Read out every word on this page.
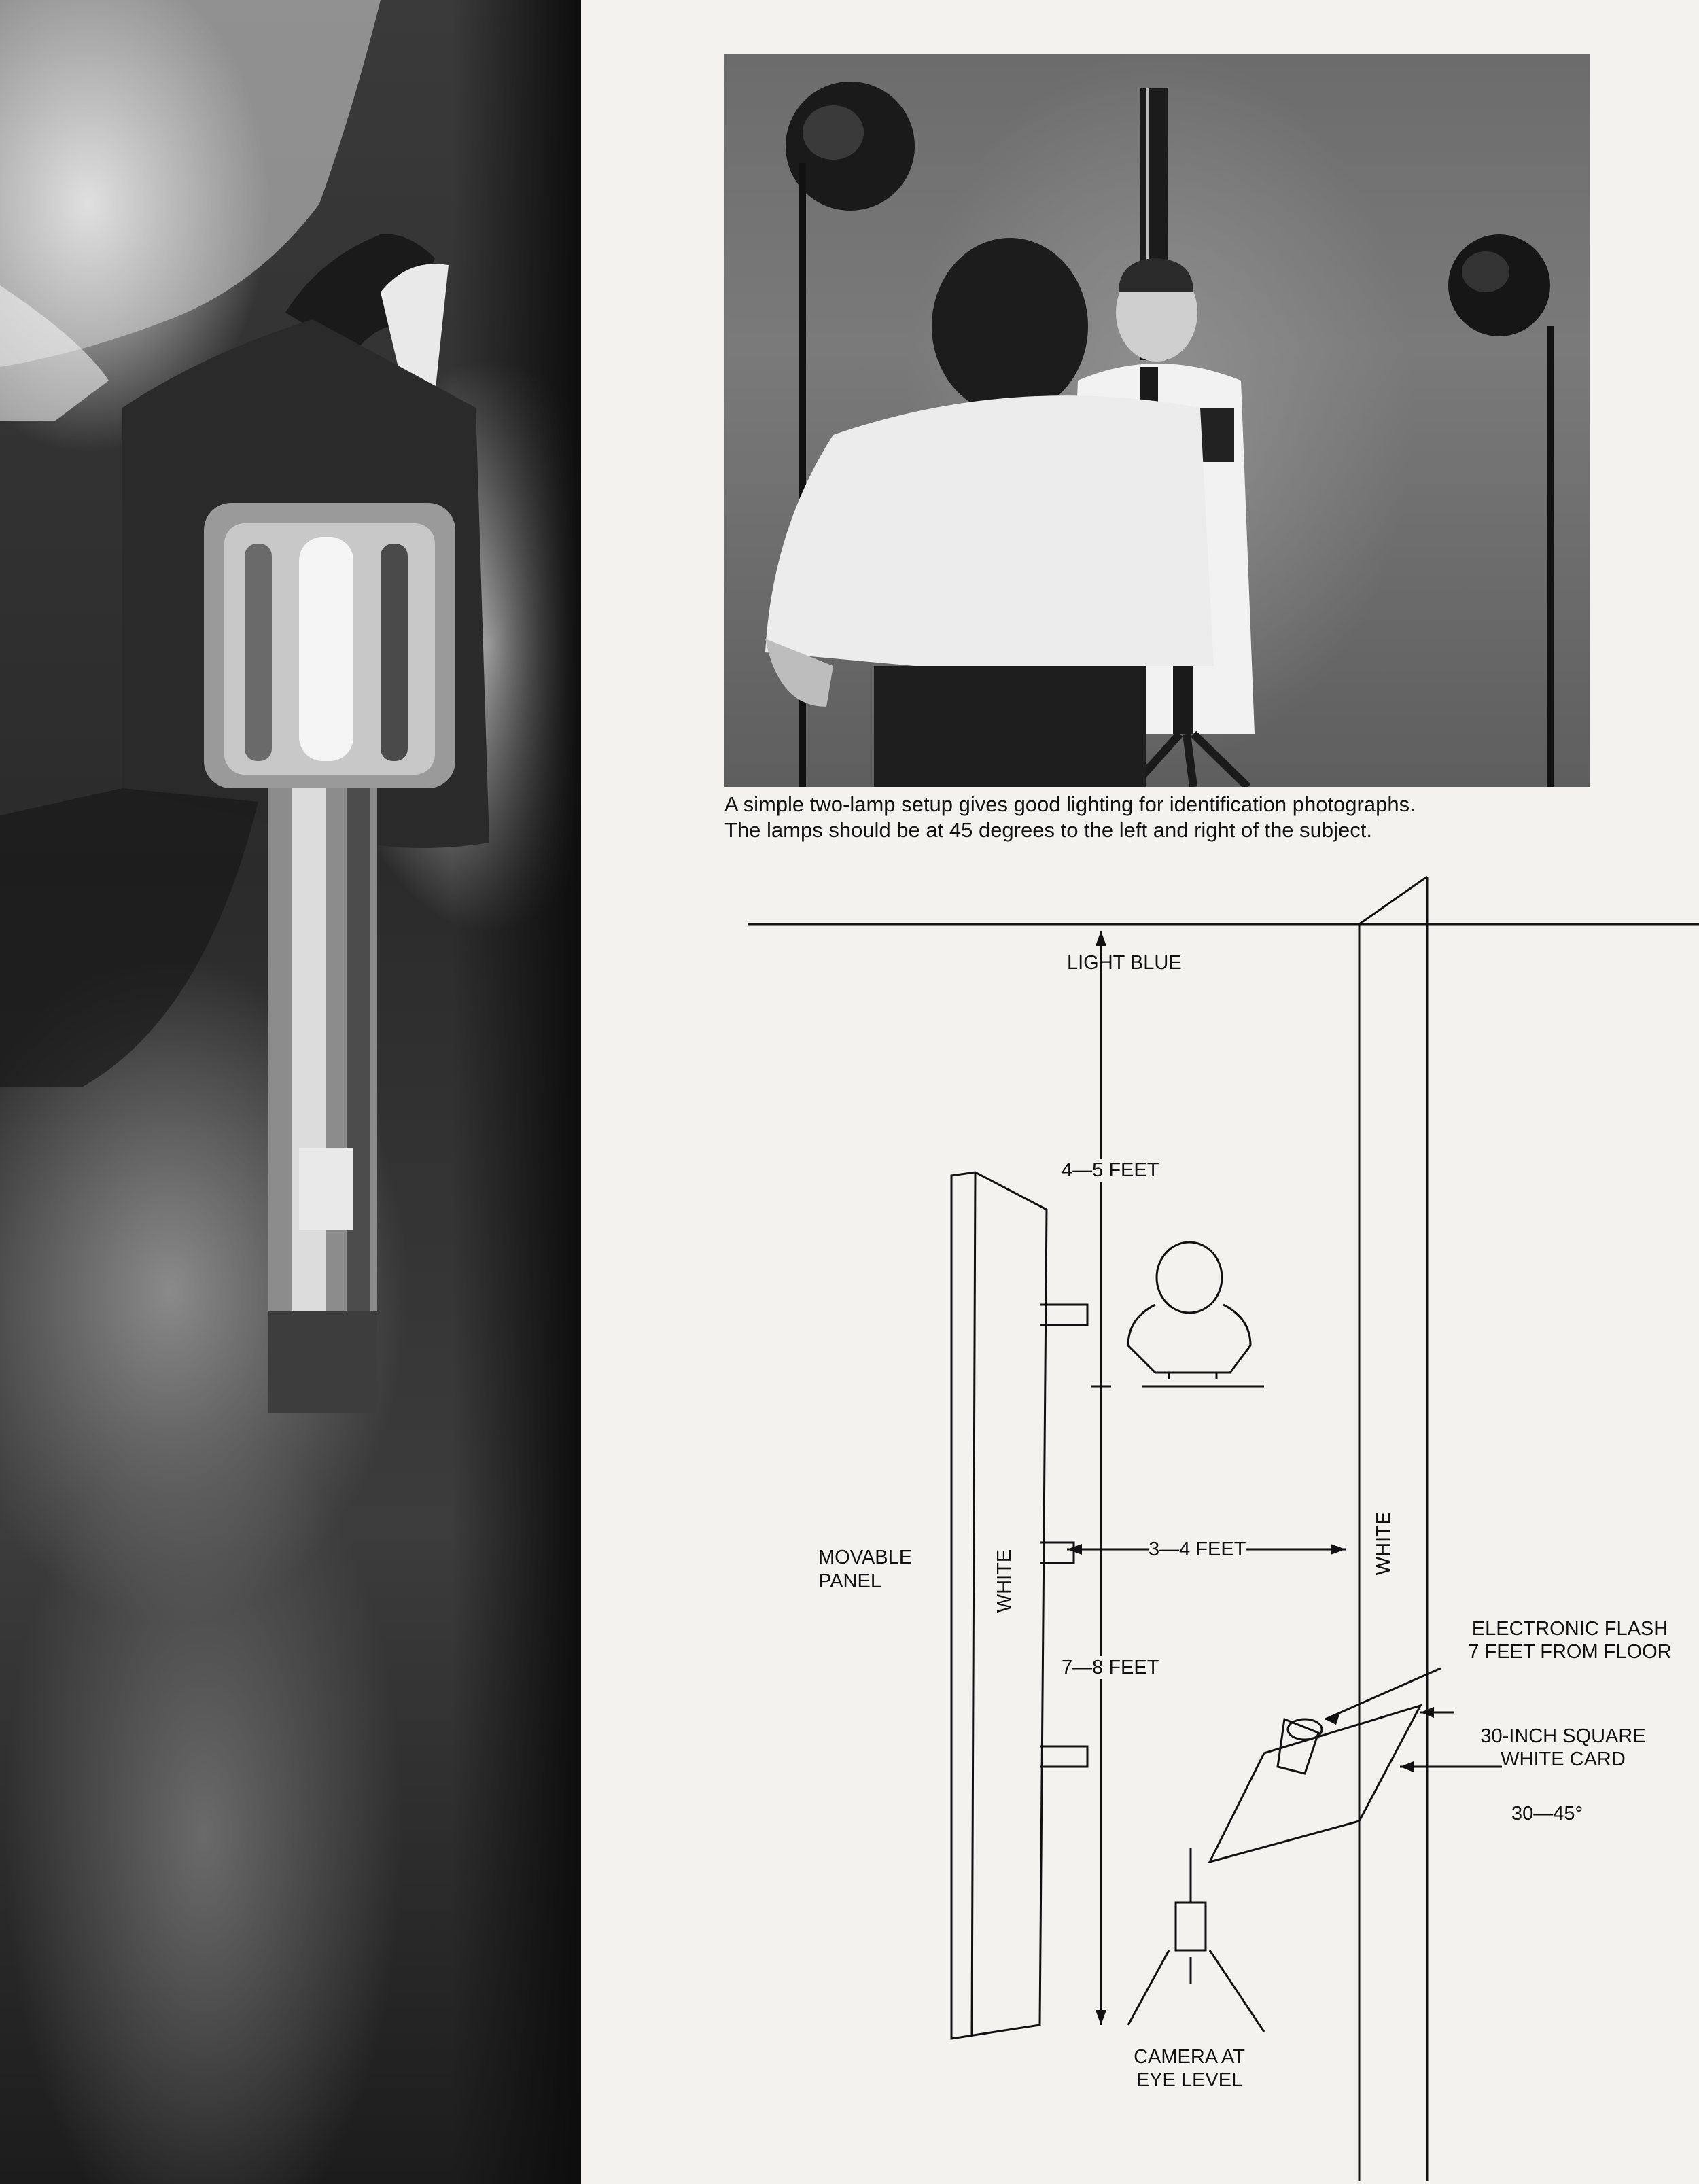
A simple two-lamp setup gives good lighting for identification photographs.
The lamps should be at 45 degrees to the left and right of the subject.
LIGHT BLUE
4—5 FEET
3—4 FEET
7—8 FEET
MOVABLE
PANEL	WHITE
WHITE
ELECTRONIC FLASH
7 FEET FROM FLOOR
30-INCH SQUARE
WHITE CARD
30—45°
CAMERA AT
EYE LEVEL
